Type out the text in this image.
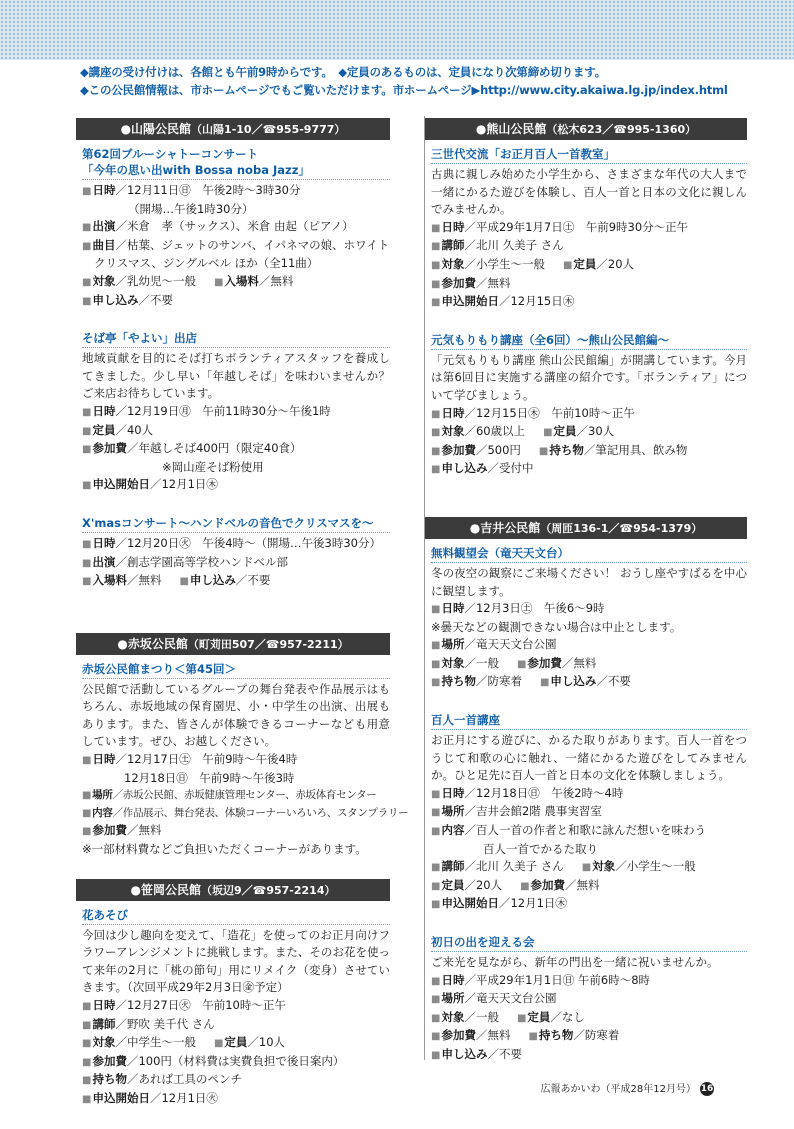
◆講座の受け付けは、各館とも午前9時からです。　◆定員のあるものは、定員になり次第締め切ります。
◆この公民館情報は、市ホームページでもご覧いただけます。市ホームページ▶http://www.city.akaiwa.lg.jp/index.html
●山陽公民館（山陽1-10／☎955-9777）
第62回ブルーシャトーコンサート
「今年の思い出with Bossa noba Jazz」
■ 日時／12月11日㊐　午後2時～3時30分
（開場…午後1時30分）
■ 出演／米倉　孝（サックス）、米倉 由起（ピアノ）
■ 曲目／枯葉、ジェットのサンバ、イパネマの娘、ホワイト
クリスマス、ジングルベル ほか（全11曲）
■ 対象／乳幼児～一般 ■ 入場料／無料
■ 申し込み／不要
そば亭「やよい」出店
地域貢献を目的にそば打ちボランティアスタッフを養成してきました。少し早い「年越しそば」を味わいませんか？ ご来店お待ちしています。
■ 日時／12月19日㊊　午前11時30分～午後1時
■ 定員／40人
■ 参加費／年越しそば400円（限定40食）
※岡山産そば粉使用
■ 申込開始日／12月1日㊍
X'masコンサート～ハンドベルの音色でクリスマスを～
■ 日時／12月20日㊋　午後4時～（開場…午後3時30分）
■ 出演／創志学園高等学校ハンドベル部
■ 入場料／無料 ■ 申し込み／不要
●赤坂公民館（町苅田507／☎957-2211）
赤坂公民館まつり＜第45回＞
公民館で活動しているグループの舞台発表や作品展示はもちろん、赤坂地域の保育園児、小・中学生の出演、出展もあります。また、皆さんが体験できるコーナーなども用意しています。ぜひ、お越しください。
■ 日時／12月17日㊏　午前9時～午後4時
12月18日㊐　午前9時～午後3時
■ 場所／赤坂公民館、赤坂健康管理センター、赤坂体育センター
■ 内容／作品展示、舞台発表、体験コーナーいろいろ、スタンプラリー
■ 参加費／無料
※一部材料費などご負担いただくコーナーがあります。
●笹岡公民館（坂辺9／☎957-2214）
花あそび
今回は少し趣向を変えて、「造花」を使ってのお正月向けフラワーアレンジメントに挑戦します。また、そのお花を使って来年の2月に「桃の節句」用にリメイク（変身）させていきます。（次回平成29年2月3日㊎予定）
■ 日時／12月27日㊋　午前10時～正午
■ 講師／野吹 美千代 さん
■ 対象／中学生～一般 ■ 定員／10人
■ 参加費／100円（材料費は実費負担で後日案内）
■ 持ち物／あれば工具のペンチ
■ 申込開始日／12月1日㊋
●熊山公民館（松木623／☎995-1360）
三世代交流「お正月百人一首教室」
古典に親しみ始めた小学生から、さまざまな年代の大人まで一緒にかるた遊びを体験し、百人一首と日本の文化に親しんでみませんか。
■ 日時／平成29年1月7日㊏　午前9時30分～正午
■ 講師／北川 久美子 さん
■ 対象／小学生～一般 ■ 定員／20人
■ 参加費／無料
■ 申込開始日／12月15日㊍
元気もりもり講座（全6回）～熊山公民館編～
「元気もりもり講座 熊山公民館編」が開講しています。今月は第6回目に実施する講座の紹介です。「ボランティア」について学びましょう。
■ 日時／12月15日㊍　午前10時～正午
■ 対象／60歳以上 ■ 定員／30人
■ 参加費／500円 ■ 持ち物／筆記用具、飲み物
■ 申し込み／受付中
●吉井公民館（周匝136-1／☎954-1379）
無料観望会（竜天天文台）
冬の夜空の観察にご来場ください！ おうし座やすばるを中心に観望します。
■ 日時／12月3日㊏　午後6～9時
※曇天などの観測できない場合は中止とします。
■ 場所／竜天天文台公園
■ 対象／一般 ■ 参加費／無料
■ 持ち物／防寒着 ■ 申し込み／不要
百人一首講座
お正月にする遊びに、かるた取りがあります。百人一首をつうじて和歌の心に触れ、一緒にかるた遊びをしてみませんか。ひと足先に百人一首と日本の文化を体験しましょう。
■ 日時／12月18日㊐　午後2時～4時
■ 場所／吉井会館2階 農事実習室
■ 内容／百人一首の作者と和歌に詠んだ想いを味わう
百人一首でかるた取り
■ 講師／北川 久美子 さん ■ 対象／小学生～一般
■ 定員／20人 ■ 参加費／無料
■ 申込開始日／12月1日㊍
初日の出を迎える会
ご来光を見ながら、新年の門出を一緒に祝いませんか。
■ 日時／平成29年1月1日㊐ 午前6時～8時
■ 場所／竜天天文台公園
■ 対象／一般 ■ 定員／なし
■ 参加費／無料 ■ 持ち物／防寒着
■ 申し込み／不要
広報あかいわ（平成28年12月号） 16
